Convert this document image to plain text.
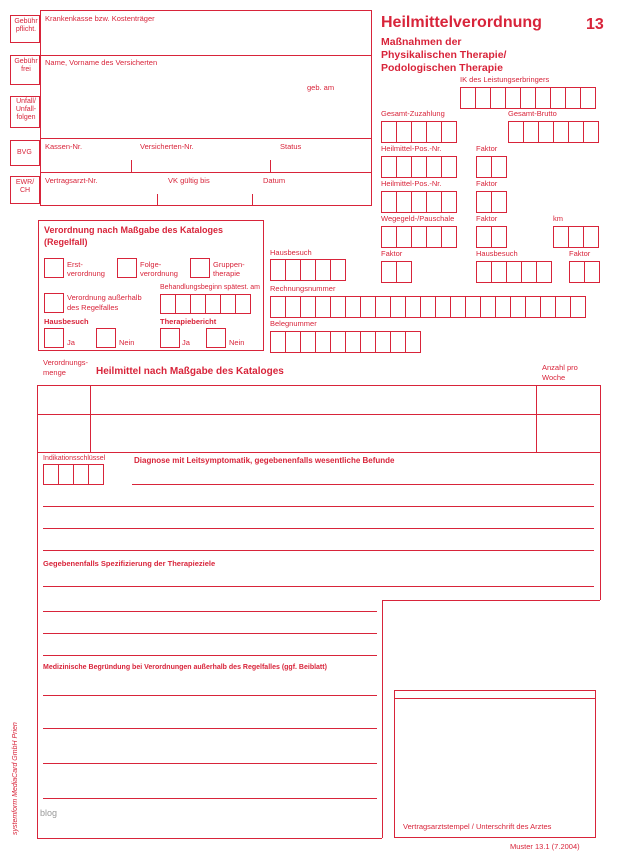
Gebühr pflicht.
Gebühr frei
Unfall/ Unfall- folgen
BVG
EWR/ CH
Krankenkasse bzw. Kostenträger
Name, Vorname des Versicherten
geb. am
Kassen-Nr.	Versicherten-Nr.	Status
Vertragsarzt-Nr.	VK gültig bis	Datum
Heilmittelverordnung	13
Maßnahmen der
Physikalischen Therapie/
Podologischen Therapie
IK des Leistungserbringers
Gesamt-Zuzahlung	Gesamt-Brutto
Heilmittel-Pos.-Nr.	Faktor
Heilmittel-Pos.-Nr.	Faktor
Wegegeld-/Pauschale	Faktor	km
Faktor	Hausbesuch	Faktor
Hausbesuch
Rechnungsnummer
Belegnummer
Verordnung nach Maßgabe des Kataloges
(Regelfall)
Erst-
verordnung
Folge-
verordnung
Gruppen-
therapie
Behandlungsbeginn spätest. am
Verordnung außerhalb
des Regelfalles
Hausbesuch
Ja	Nein
Therapiebericht
Ja	Nein
Verordnungs-
menge	Heilmittel nach Maßgabe des Kataloges	Anzahl pro
Woche
Indikationsschlüssel	Diagnose mit Leitsymptomatik, gegebenenfalls wesentliche Befunde
Gegebenenfalls Spezifizierung der Therapieziele
Medizinische Begründung bei Verordnungen außerhalb des Regelfalles (ggf. Beiblatt)
Vertragsarztstempel / Unterschrift des Arztes
systemform MediaCard GmbH Prien blog
Muster 13.1 (7.2004)
